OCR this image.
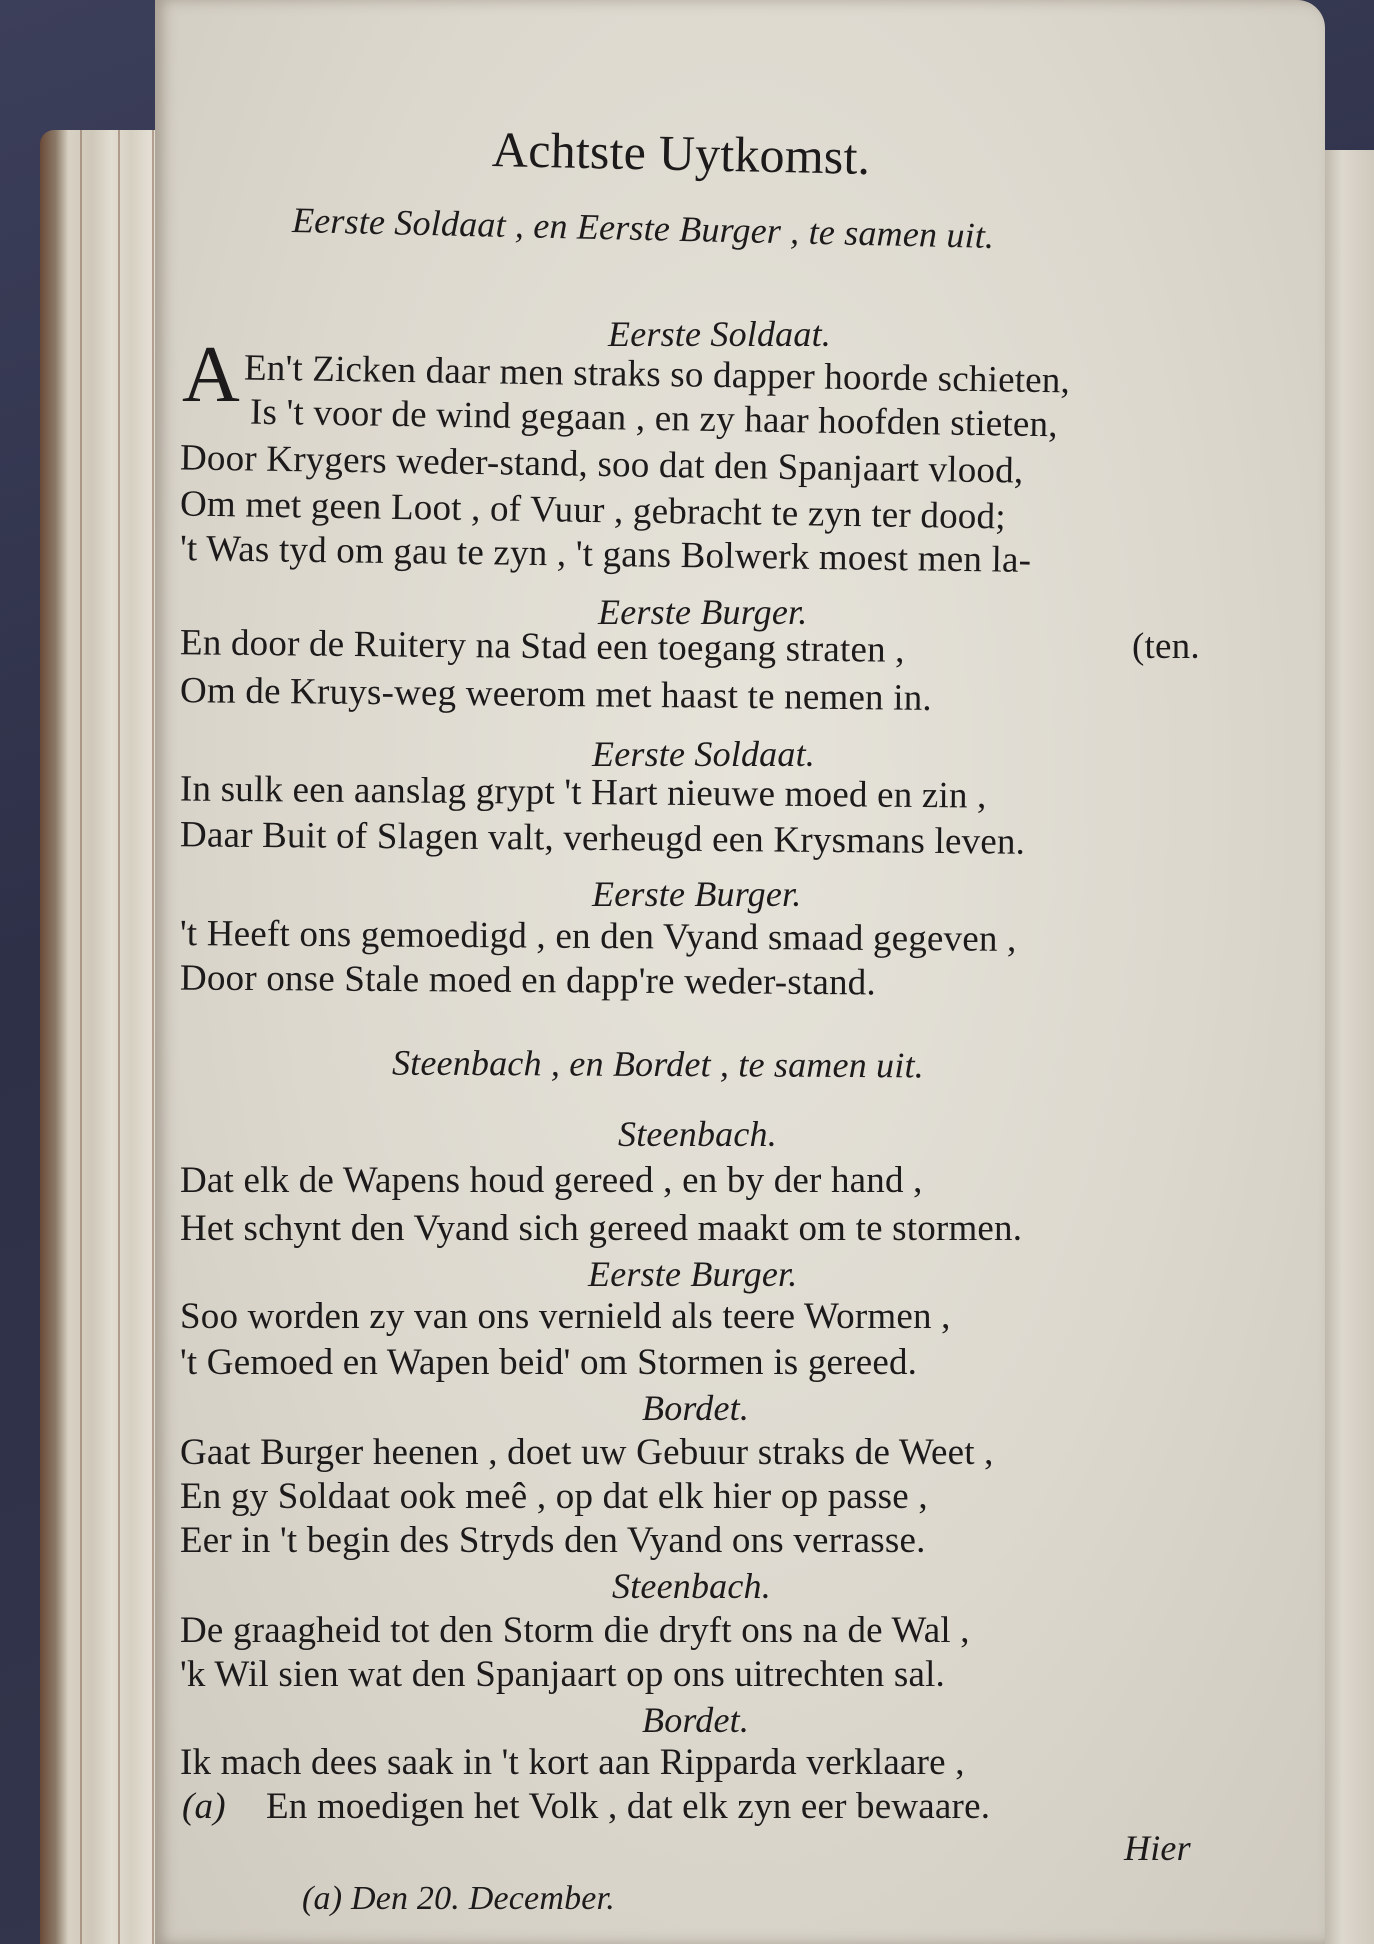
Achtste Uytkomst.
Eerste Soldaat , en Eerste Burger , te samen uit.
Eerste Soldaat.
A En't Zicken daar men straks so dapper hoorde schieten,
Is 't voor de wind gegaan , en zy haar hoofden stieten,
Door Krygers weder-stand, soo dat den Spanjaart vlood,
Om met geen Loot , of Vuur , gebracht te zyn ter dood;
't Was tyd om gau te zyn , 't gans Bolwerk moest men la-
Eerste Burger.
(ten.
En door de Ruitery na Stad een toegang straten ,
Om de Kruys-weg weerom met haast te nemen in.
Eerste Soldaat.
In sulk een aanslag grypt 't Hart nieuwe moed en zin ,
Daar Buit of Slagen valt, verheugd een Krysmans leven.
Eerste Burger.
't Heeft ons gemoedigd , en den Vyand smaad gegeven ,
Door onse Stale moed en dapp're weder-stand.
Steenbach , en Bordet , te samen uit.
Steenbach.
Dat elk de Wapens houd gereed , en by der hand ,
Het schynt den Vyand sich gereed maakt om te stormen.
Eerste Burger.
Soo worden zy van ons vernield als teere Wormen ,
't Gemoed en Wapen beid' om Stormen is gereed.
Bordet.
Gaat Burger heenen , doet uw Gebuur straks de Weet ,
En gy Soldaat ook meê , op dat elk hier op passe ,
Eer in 't begin des Stryds den Vyand ons verrasse.
Steenbach.
De graagheid tot den Storm die dryft ons na de Wal ,
'k Wil sien wat den Spanjaart op ons uitrechten sal.
Bordet.
Ik mach dees saak in 't kort aan Ripparda verklaare ,
(a) En moedigen het Volk , dat elk zyn eer bewaare.
Hier
(a) Den 20. December.
